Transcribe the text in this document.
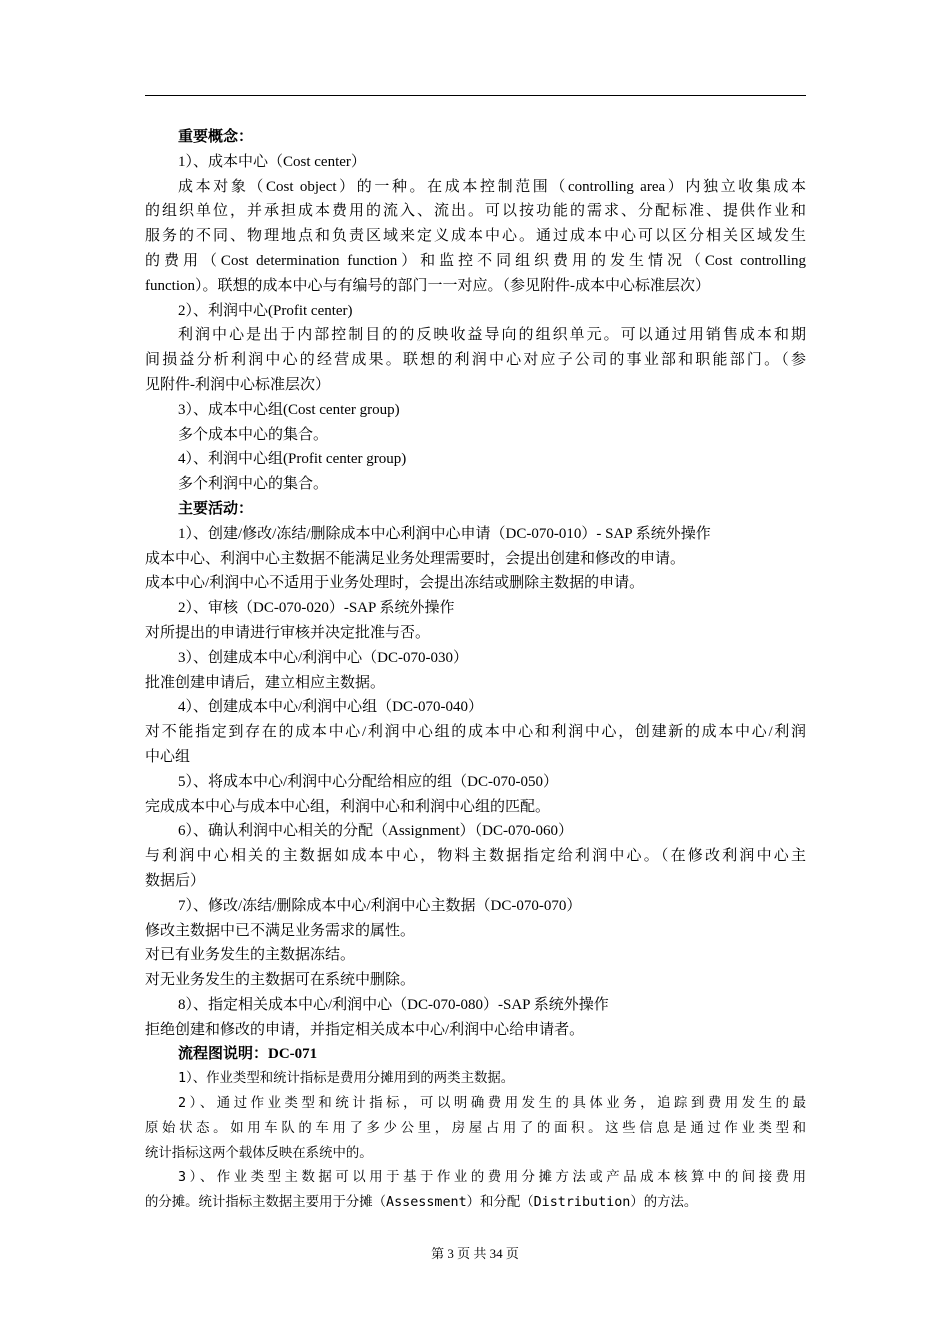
重要概念：
1）、成本中心（Cost center）
成本对象（Cost object）的一种。在成本控制范围（controlling area）内独立收集成本
的组织单位，并承担成本费用的流入、流出。可以按功能的需求、分配标准、提供作业和
服务的不同、物理地点和负责区域来定义成本中心。通过成本中心可以区分相关区域发生
的费用（Cost determination function）和监控不同组织费用的发生情况（Cost controlling
function）。联想的成本中心与有编号的部门一一对应。（参见附件-成本中心标准层次）
2）、利润中心(Profit center)
利润中心是出于内部控制目的的反映收益导向的组织单元。可以通过用销售成本和期
间损益分析利润中心的经营成果。联想的利润中心对应子公司的事业部和职能部门。（参
见附件-利润中心标准层次）
3）、成本中心组(Cost center group)
多个成本中心的集合。
4）、利润中心组(Profit center group)
多个利润中心的集合。
主要活动：
1）、创建/修改/冻结/删除成本中心利润中心申请（DC-070-010）- SAP 系统外操作
成本中心、利润中心主数据不能满足业务处理需要时，会提出创建和修改的申请。
成本中心/利润中心不适用于业务处理时，会提出冻结或删除主数据的申请。
2）、审核（DC-070-020）-SAP 系统外操作
对所提出的申请进行审核并决定批准与否。
3）、创建成本中心/利润中心（DC-070-030）
批准创建申请后，建立相应主数据。
4）、创建成本中心/利润中心组（DC-070-040）
对不能指定到存在的成本中心/利润中心组的成本中心和利润中心，创建新的成本中心/利润
中心组
5）、将成本中心/利润中心分配给相应的组（DC-070-050）
完成成本中心与成本中心组，利润中心和利润中心组的匹配。
6）、确认利润中心相关的分配（Assignment）（DC-070-060）
与利润中心相关的主数据如成本中心，物料主数据指定给利润中心。（在修改利润中心主
数据后）
7）、修改/冻结/删除成本中心/利润中心主数据（DC-070-070）
修改主数据中已不满足业务需求的属性。
对已有业务发生的主数据冻结。
对无业务发生的主数据可在系统中删除。
8）、指定相关成本中心/利润中心（DC-070-080）-SAP 系统外操作
拒绝创建和修改的申请，并指定相关成本中心/利润中心给申请者。
流程图说明：DC-071
1）、作业类型和统计指标是费用分摊用到的两类主数据。
2）、通过作业类型和统计指标，可以明确费用发生的具体业务，追踪到费用发生的最
原始状态。如用车队的车用了多少公里，房屋占用了的面积。这些信息是通过作业类型和
统计指标这两个载体反映在系统中的。
3）、作业类型主数据可以用于基于作业的费用分摊方法或产品成本核算中的间接费用
的分摊。统计指标主数据主要用于分摊（Assessment）和分配（Distribution）的方法。
第 3 页 共 34 页
